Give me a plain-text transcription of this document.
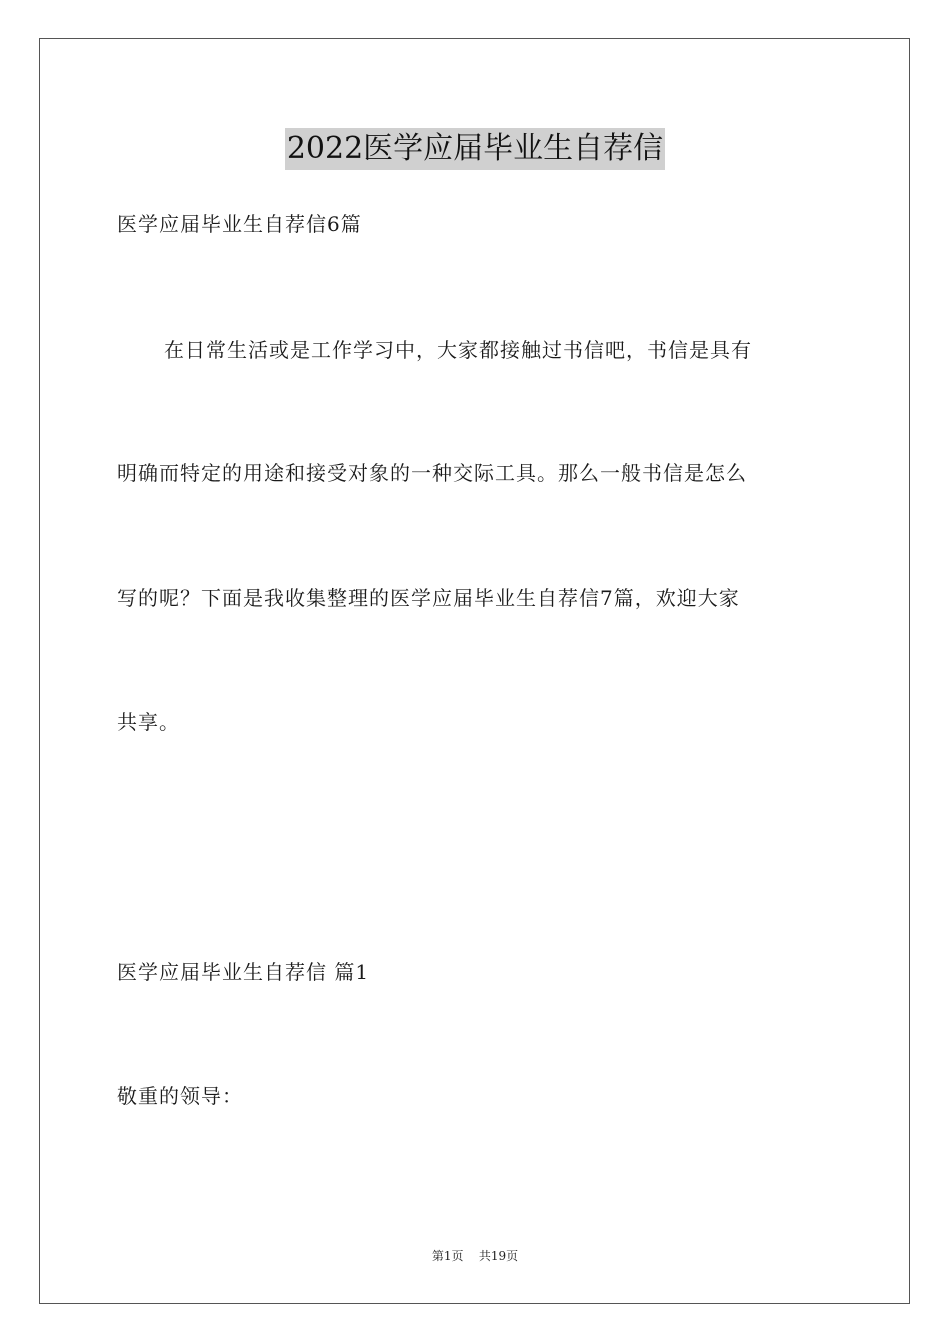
2022医学应届毕业生自荐信
医学应届毕业生自荐信6篇
在日常生活或是工作学习中，大家都接触过书信吧，书信是具有
明确而特定的用途和接受对象的一种交际工具。那么一般书信是怎么
写的呢？下面是我收集整理的医学应届毕业生自荐信7篇，欢迎大家
共享。
医学应届毕业生自荐信 篇1
敬重的领导：
第1页 共19页
